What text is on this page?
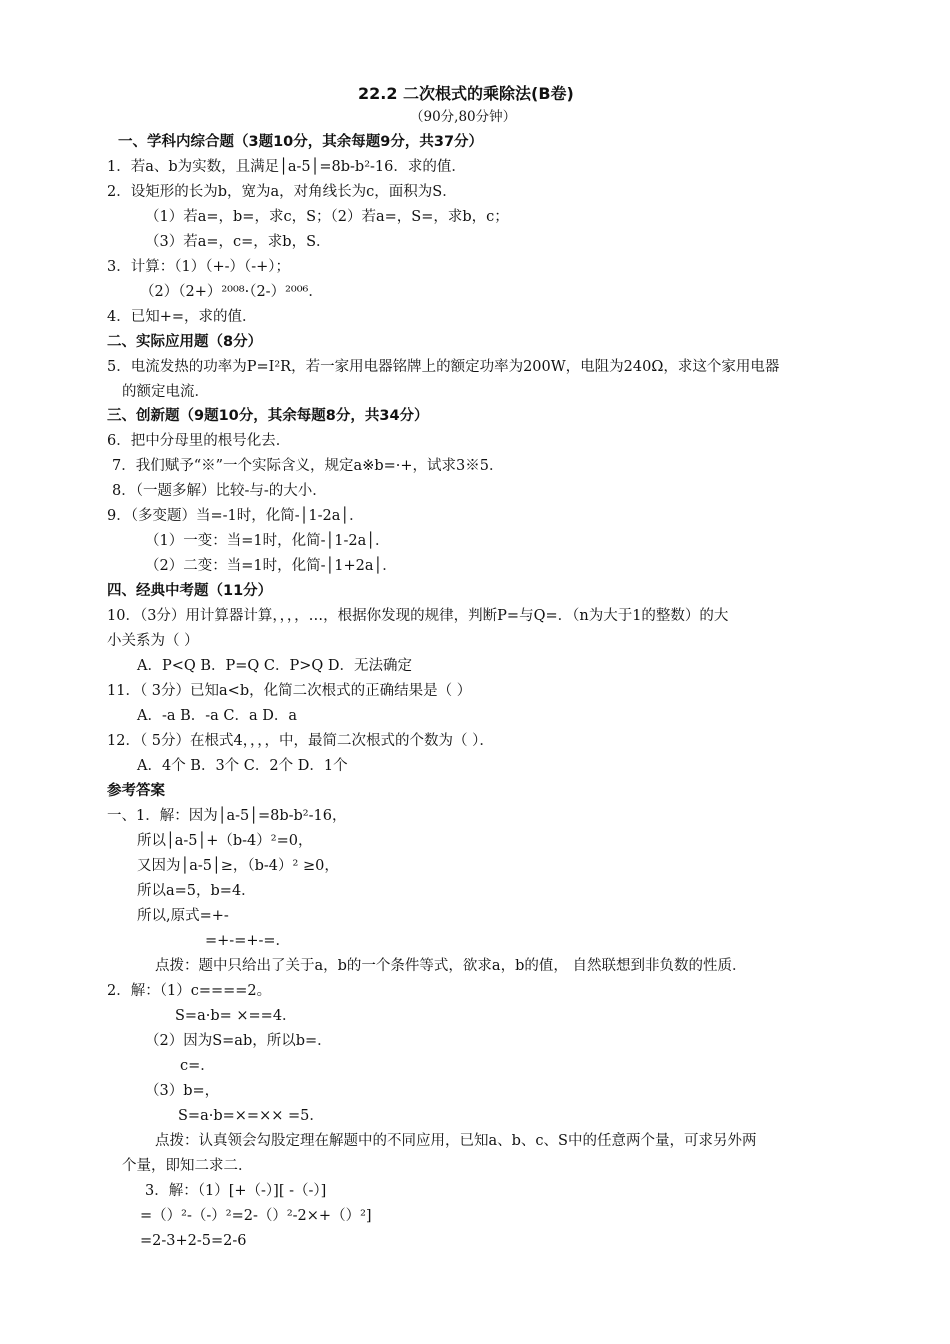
22.2 二次根式的乘除法(B卷)
（90分,80分钟）
一、学科内综合题（3题10分，其余每题9分，共37分）
1．若a、b为实数，且满足│a-5│=8b-b²-16．求的值．
2．设矩形的长为b，宽为a，对角线长为c，面积为S．
（1）若a=，b=，求c，S；（2）若a=，S=，求b，c；
（3）若a=，c=，求b，S．
3．计算：（1）（+-）（-+）；
（2）（2+）²⁰⁰⁸·（2-）²⁰⁰⁶．
4．已知+=，求的值．
二、实际应用题（8分）
5．电流发热的功率为P=I²R，若一家用电器铭牌上的额定功率为200W，电阻为240Ω，求这个家用电器
的额定电流．
三、创新题（9题10分，其余每题8分，共34分）
6．把中分母里的根号化去．
7．我们赋予“※”一个实际含义，规定a※b=·+，试求3※5．
8．（一题多解）比较-与-的大小．
9．（多变题）当=-1时，化简-│1-2a│．
（1）一变：当=1时，化简-│1-2a│．
（2）二变：当=1时，化简-│1+2a│．
四、经典中考题（11分）
10．（3分）用计算器计算，，，，…，根据你发现的规律，判断P=与Q=．（n为大于1的整数）的大
小关系为（ ）
A．P<Q B．P=Q C．P>Q D．无法确定
11．（ 3分）已知a<b，化简二次根式的正确结果是（ ）
A．-a B．-a C．a D．a
12．（ 5分）在根式4，，，，中，最简二次根式的个数为（ ）．
A．4个 B．3个 C．2个 D．1个
参考答案
一、1．解：因为│a-5│=8b-b²-16，
所以│a-5│+（b-4）²=0，
又因为│a-5│≥，（b-4）² ≥0，
所以a=5，b=4．
所以,原式=+-
=+-=+-=．
点拨：题中只给出了关于a，b的一个条件等式，欲求a，b的值， 自然联想到非负数的性质．
2．解：（1）c====2。
S=a·b= ×==4．
（2）因为S=ab，所以b=．
c=．
（3）b=，
S=a·b=×=×× =5．
点拨：认真领会勾股定理在解题中的不同应用，已知a、b、c、S中的任意两个量，可求另外两
个量，即知二求二．
3．解：（1）[+（-）][ -（-）]
=（）²-（-）²=2-（）²-2×+（）²]
=2-3+2-5=2-6
